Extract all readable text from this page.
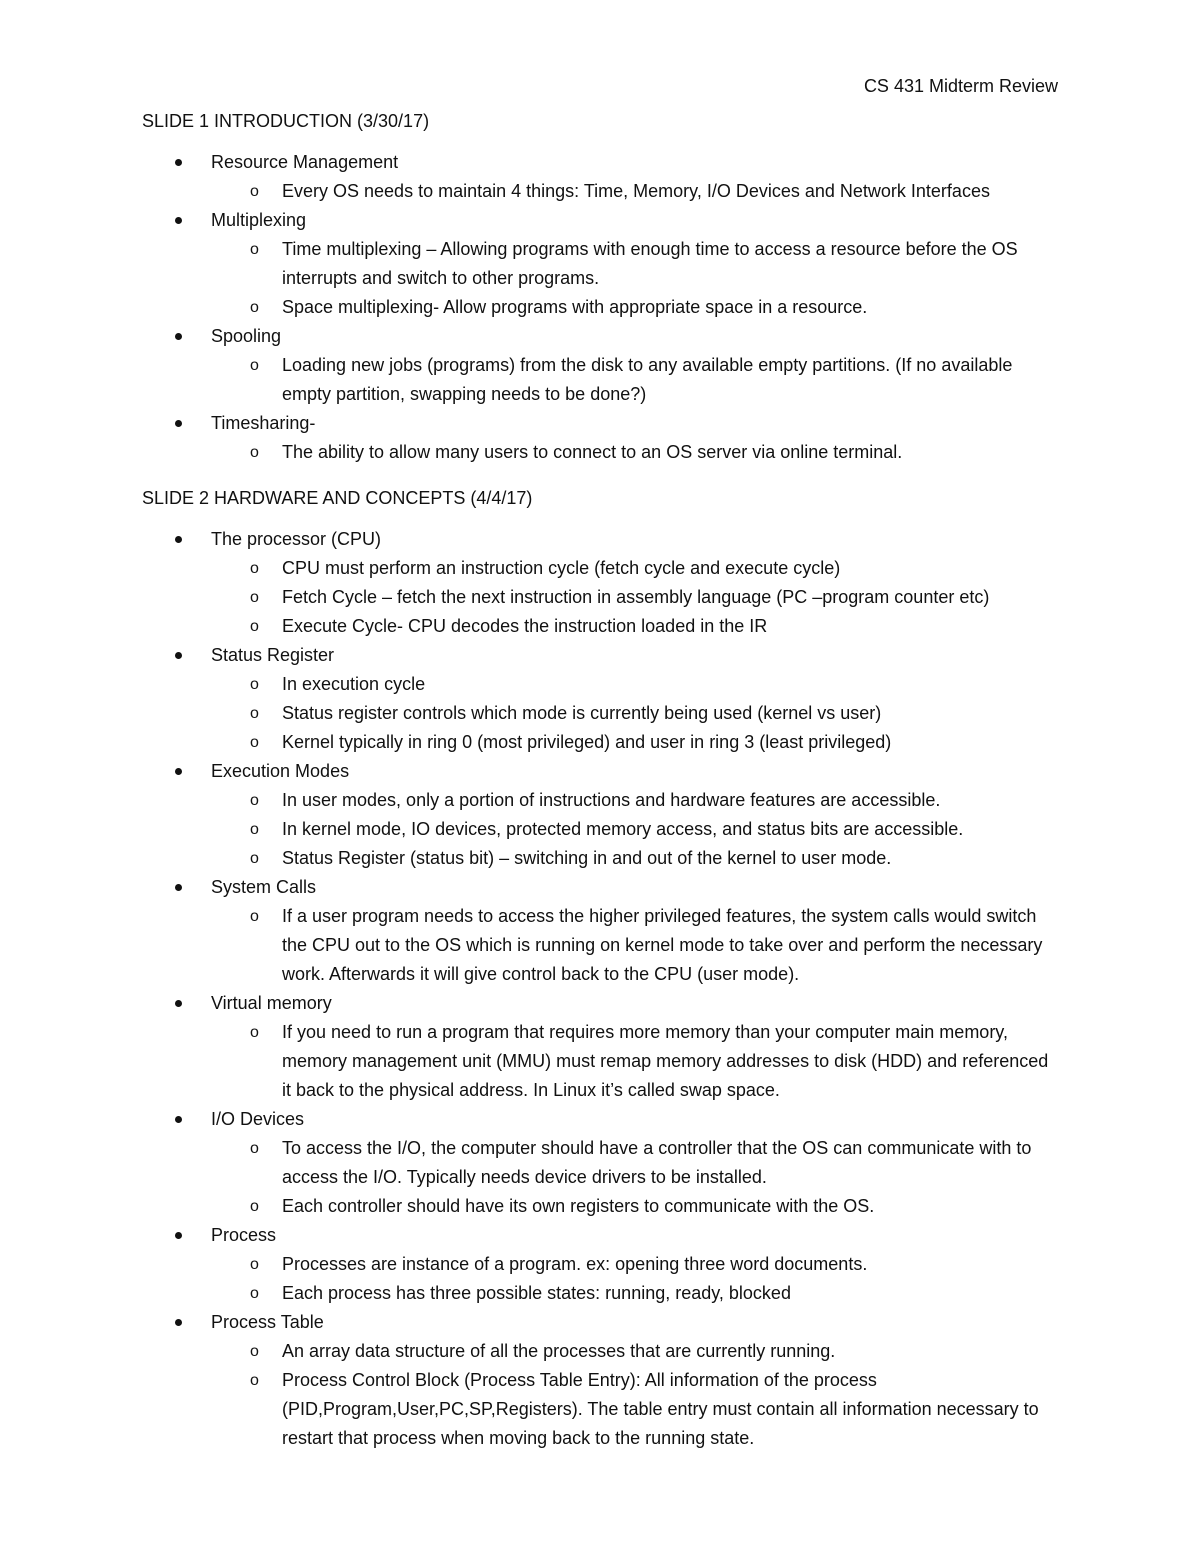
CS 431 Midterm Review
SLIDE 1 INTRODUCTION (3/30/17)
Resource Management
o Every OS needs to maintain 4 things: Time, Memory, I/O Devices and Network Interfaces
Multiplexing
o Time multiplexing – Allowing programs with enough time to access a resource before the OS interrupts and switch to other programs.
o Space multiplexing- Allow programs with appropriate space in a resource.
Spooling
o Loading new jobs (programs) from the disk to any available empty partitions. (If no available empty partition, swapping needs to be done?)
Timesharing-
o The ability to allow many users to connect to an OS server via online terminal.
SLIDE 2 HARDWARE AND CONCEPTS (4/4/17)
The processor (CPU)
o CPU must perform an instruction cycle (fetch cycle and execute cycle)
o Fetch Cycle – fetch the next instruction in assembly language (PC –program counter etc)
o Execute Cycle- CPU decodes the instruction loaded in the IR
Status Register
o In execution cycle
o Status register controls which mode is currently being used (kernel vs user)
o Kernel typically in ring 0 (most privileged) and user in ring 3 (least privileged)
Execution Modes
o In user modes, only a portion of instructions and hardware features are accessible.
o In kernel mode, IO devices, protected memory access, and status bits are accessible.
o Status Register (status bit) – switching in and out of the kernel to user mode.
System Calls
o If a user program needs to access the higher privileged features, the system calls would switch the CPU out to the OS which is running on kernel mode to take over and perform the necessary work. Afterwards it will give control back to the CPU (user mode).
Virtual memory
o If you need to run a program that requires more memory than your computer main memory, memory management unit (MMU) must remap memory addresses to disk (HDD) and referenced it back to the physical address. In Linux it’s called swap space.
I/O Devices
o To access the I/O, the computer should have a controller that the OS can communicate with to access the I/O. Typically needs device drivers to be installed.
o Each controller should have its own registers to communicate with the OS.
Process
o Processes are instance of a program. ex: opening three word documents.
o Each process has three possible states: running, ready, blocked
Process Table
o An array data structure of all the processes that are currently running.
o Process Control Block (Process Table Entry): All information of the process (PID,Program,User,PC,SP,Registers). The table entry must contain all information necessary to restart that process when moving back to the running state.
